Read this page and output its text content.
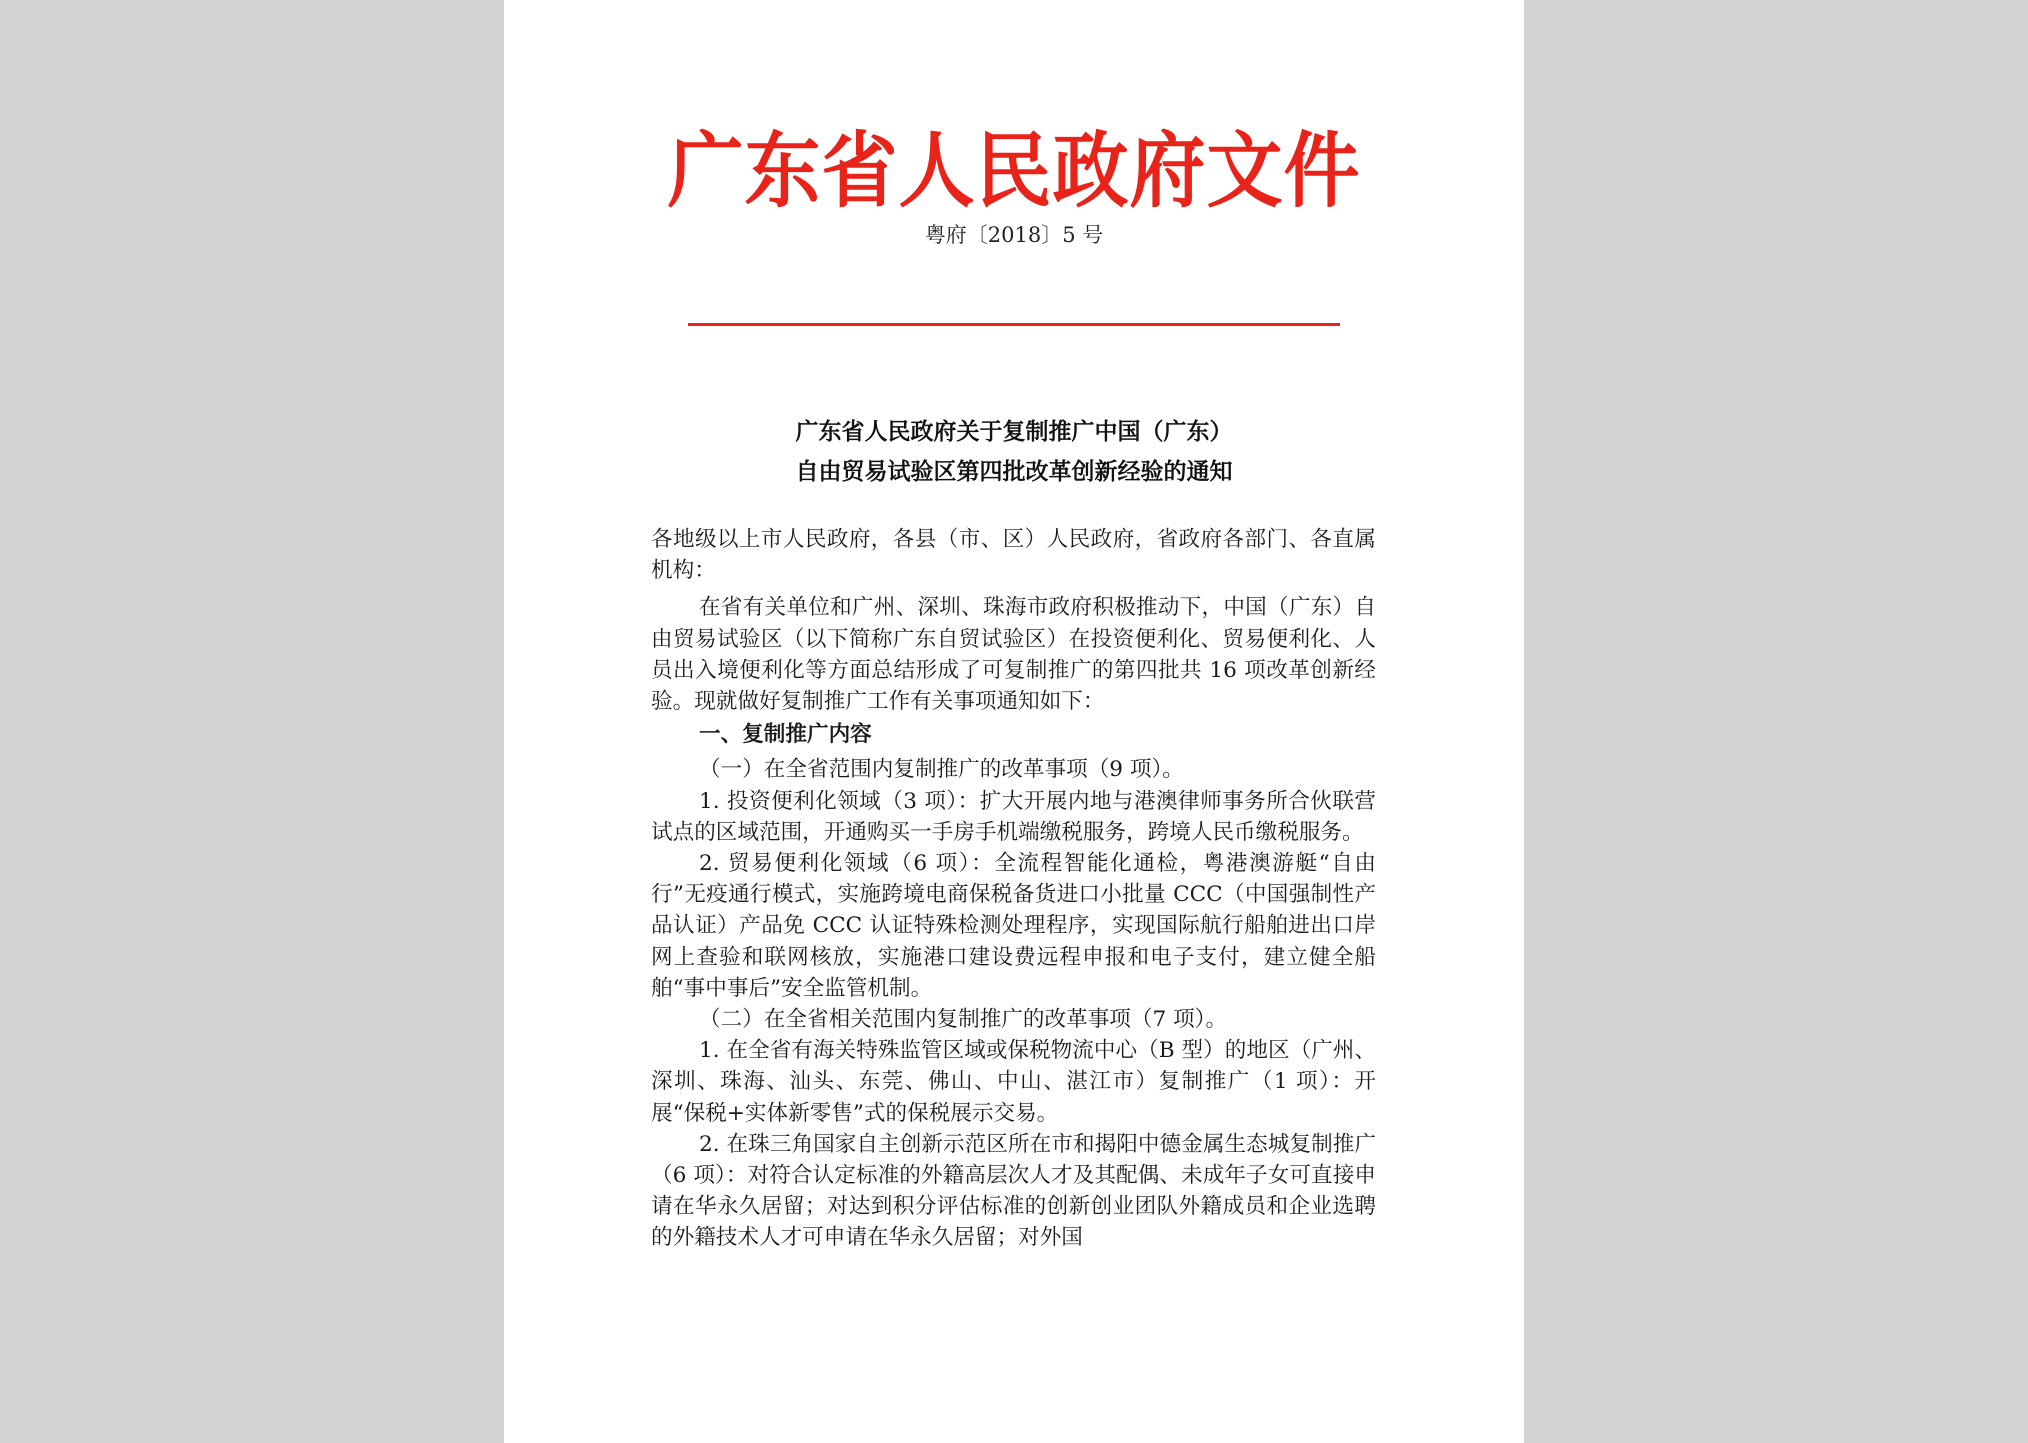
广东省人民政府文件
粤府〔2018〕5 号
广东省人民政府关于复制推广中国（广东）
自由贸易试验区第四批改革创新经验的通知

各地级以上市人民政府，各县（市、区）人民政府，省政府各部门、各直属机构：

在省有关单位和广州、深圳、珠海市政府积极推动下，中国（广东）自由贸易试验区（以下简称广东自贸试验区）在投资便利化、贸易便利化、人员出入境便利化等方面总结形成了可复制推广的第四批共 16 项改革创新经验。现就做好复制推广工作有关事项通知如下：

一、复制推广内容

（一）在全省范围内复制推广的改革事项（9 项）。

1. 投资便利化领域（3 项）：扩大开展内地与港澳律师事务所合伙联营试点的区域范围，开通购买一手房手机端缴税服务，跨境人民币缴税服务。

2. 贸易便利化领域（6 项）：全流程智能化通检，粤港澳游艇“自由行”无疫通行模式，实施跨境电商保税备货进口小批量 CCC（中国强制性产品认证）产品免 CCC 认证特殊检测处理程序，实现国际航行船舶进出口岸网上查验和联网核放，实施港口建设费远程申报和电子支付，建立健全船舶“事中事后”安全监管机制。

（二）在全省相关范围内复制推广的改革事项（7 项）。

1. 在全省有海关特殊监管区域或保税物流中心（B 型）的地区（广州、深圳、珠海、汕头、东莞、佛山、中山、湛江市）复制推广（1 项）：开展“保税+实体新零售”式的保税展示交易。

2. 在珠三角国家自主创新示范区所在市和揭阳中德金属生态城复制推广（6 项）：对符合认定标准的外籍高层次人才及其配偶、未成年子女可直接申请在华永久居留；对达到积分评估标准的创新创业团队外籍成员和企业选聘的外籍技术人才可申请在华永久居留；对外国
